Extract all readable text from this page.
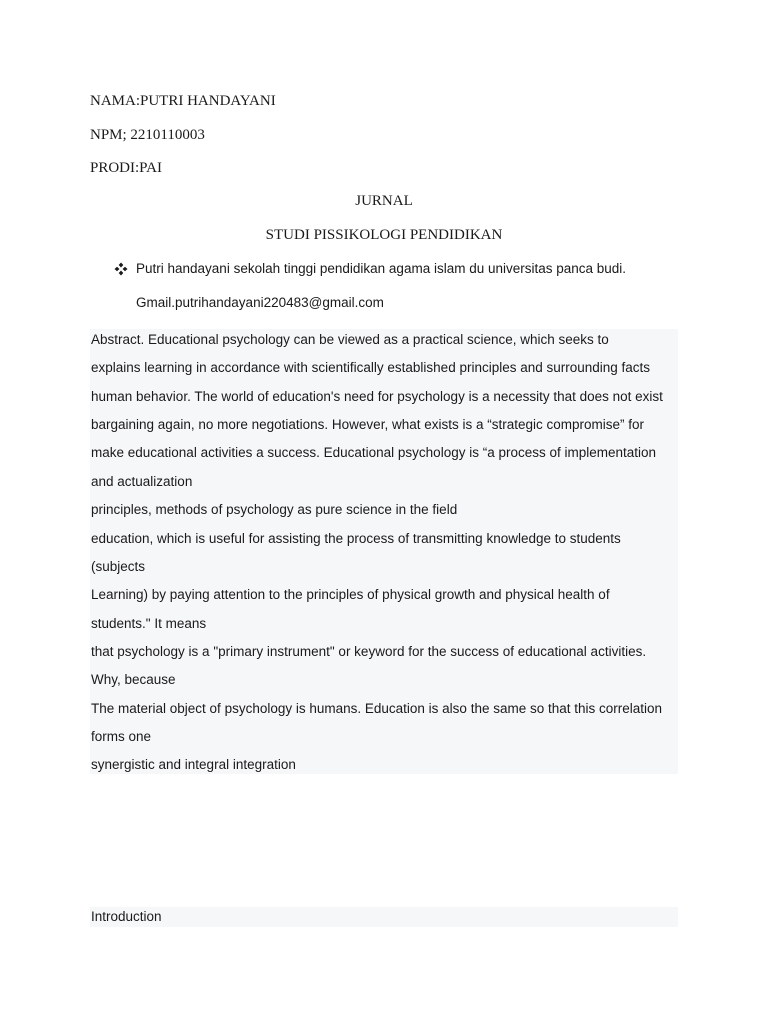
NAMA:PUTRI HANDAYANI
NPM; 2210110003
PRODI:PAI
JURNAL
STUDI PISSIKOLOGI PENDIDIKAN
Putri handayani sekolah tinggi pendidikan agama islam du universitas panca budi.
Gmail.putrihandayani220483@gmail.com
Abstract. Educational psychology can be viewed as a practical science, which seeks to
explains learning in accordance with scientifically established principles and surrounding facts
human behavior. The world of education's need for psychology is a necessity that does not exist
bargaining again, no more negotiations. However, what exists is a “strategic compromise” for
make educational activities a success. Educational psychology is “a process of implementation
and actualization
principles, methods of psychology as pure science in the field
education, which is useful for assisting the process of transmitting knowledge to students
(subjects
Learning) by paying attention to the principles of physical growth and physical health of
students." It means
that psychology is a "primary instrument" or keyword for the success of educational activities.
Why, because
The material object of psychology is humans. Education is also the same so that this correlation
forms one
synergistic and integral integration
Introduction
